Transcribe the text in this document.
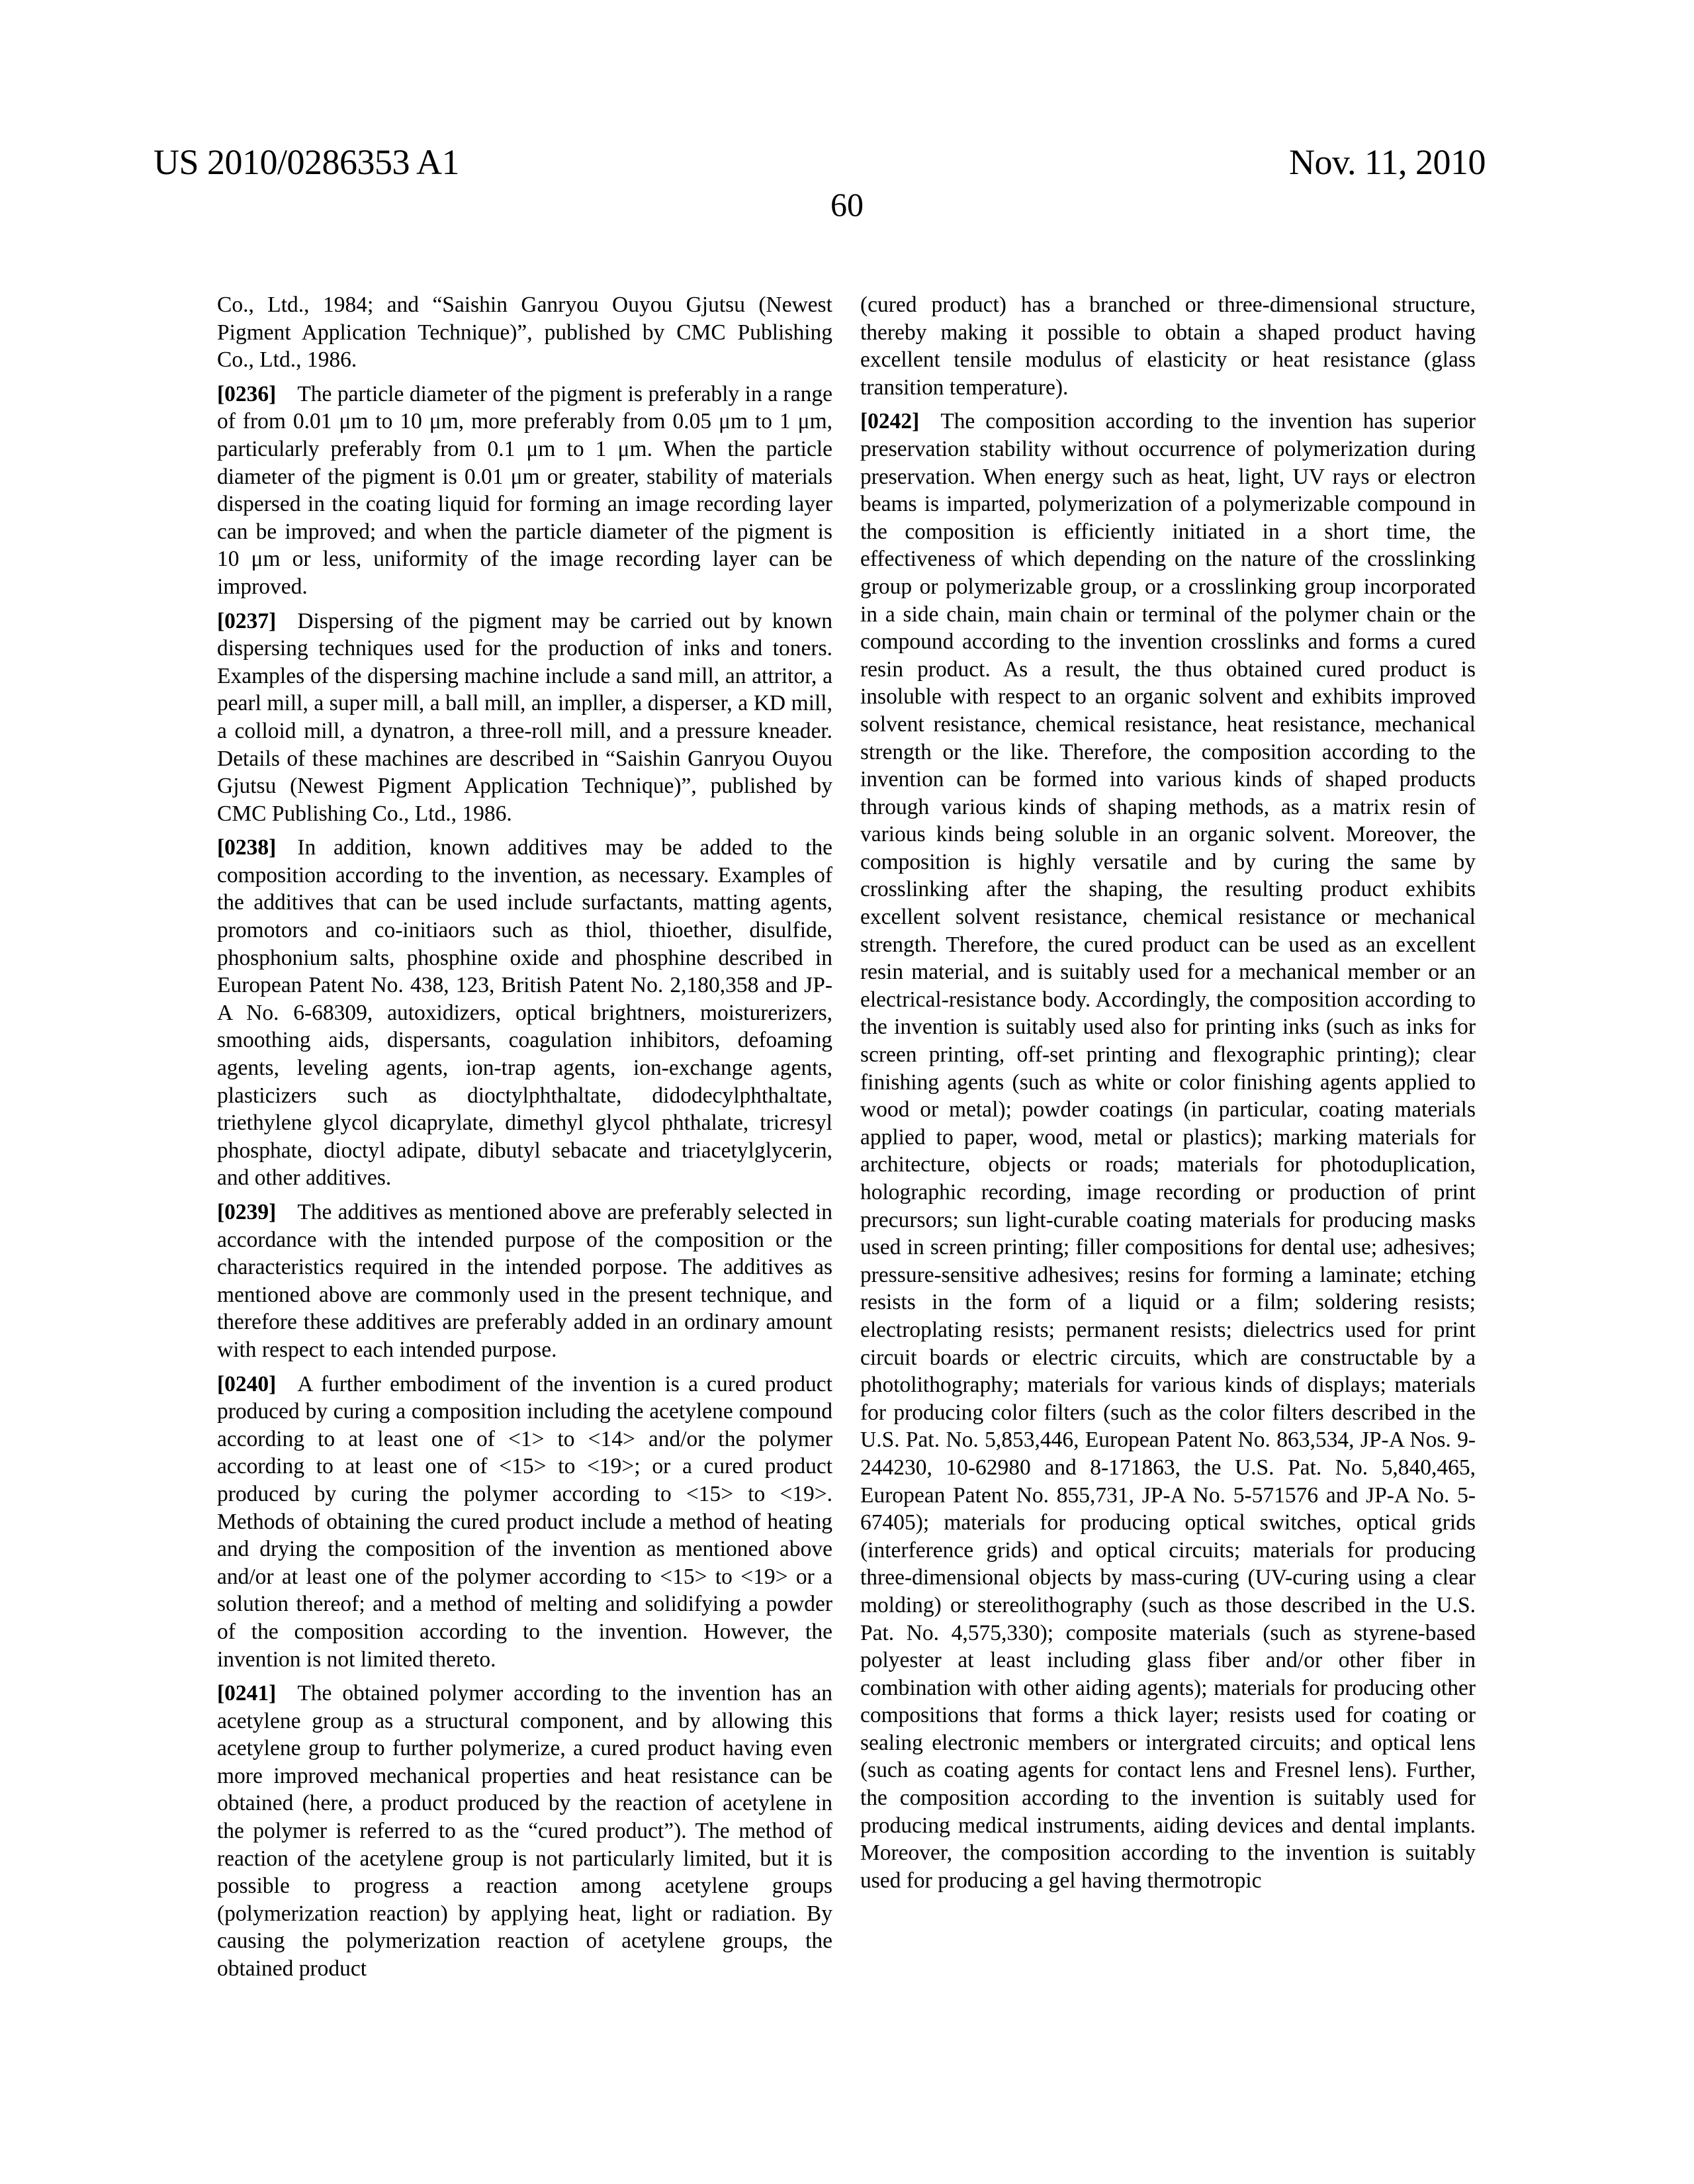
US 2010/0286353 A1	Nov. 11, 2010
60

Co., Ltd., 1984; and “Saishin Ganryou Ouyou Gjutsu (Newest Pigment Application Technique)”, published by CMC Publishing Co., Ltd., 1986.

[0236] The particle diameter of the pigment is preferably in a range of from 0.01 μm to 10 μm, more preferably from 0.05 μm to 1 μm, particularly preferably from 0.1 μm to 1 μm. When the particle diameter of the pigment is 0.01 μm or greater, stability of materials dispersed in the coating liquid for forming an image recording layer can be improved; and when the particle diameter of the pigment is 10 μm or less, uniformity of the image recording layer can be improved.

[0237] Dispersing of the pigment may be carried out by known dispersing techniques used for the production of inks and toners. Examples of the dispersing machine include a sand mill, an attritor, a pearl mill, a super mill, a ball mill, an impller, a disperser, a KD mill, a colloid mill, a dynatron, a three-roll mill, and a pressure kneader. Details of these machines are described in “Saishin Ganryou Ouyou Gjutsu (Newest Pigment Application Technique)”, published by CMC Publishing Co., Ltd., 1986.

[0238] In addition, known additives may be added to the composition according to the invention, as necessary. Examples of the additives that can be used include surfactants, matting agents, promotors and co-initiaors such as thiol, thioether, disulfide, phosphonium salts, phosphine oxide and phosphine described in European Patent No. 438, 123, British Patent No. 2,180,358 and JP-A No. 6-68309, autoxidizers, optical brightners, moisturerizers, smoothing aids, dispersants, coagulation inhibitors, defoaming agents, leveling agents, ion-trap agents, ion-exchange agents, plasticizers such as dioctylphthaltate, didodecylphthaltate, triethylene glycol dicaprylate, dimethyl glycol phthalate, tricresyl phosphate, dioctyl adipate, dibutyl sebacate and triacetylglycerin, and other additives.

[0239] The additives as mentioned above are preferably selected in accordance with the intended purpose of the composition or the characteristics required in the intended porpose. The additives as mentioned above are commonly used in the present technique, and therefore these additives are preferably added in an ordinary amount with respect to each intended purpose.

[0240] A further embodiment of the invention is a cured product produced by curing a composition including the acetylene compound according to at least one of <1> to <14> and/or the polymer according to at least one of <15> to <19>; or a cured product produced by curing the polymer according to <15> to <19>. Methods of obtaining the cured product include a method of heating and drying the composition of the invention as mentioned above and/or at least one of the polymer according to <15> to <19> or a solution thereof; and a method of melting and solidifying a powder of the composition according to the invention. However, the invention is not limited thereto.

[0241] The obtained polymer according to the invention has an acetylene group as a structural component, and by allowing this acetylene group to further polymerize, a cured product having even more improved mechanical properties and heat resistance can be obtained (here, a product produced by the reaction of acetylene in the polymer is referred to as the “cured product”). The method of reaction of the acetylene group is not particularly limited, but it is possible to progress a reaction among acetylene groups (polymerization reaction) by applying heat, light or radiation. By causing the polymerization reaction of acetylene groups, the obtained product

(cured product) has a branched or three-dimensional structure, thereby making it possible to obtain a shaped product having excellent tensile modulus of elasticity or heat resistance (glass transition temperature).

[0242] The composition according to the invention has superior preservation stability without occurrence of polymerization during preservation. When energy such as heat, light, UV rays or electron beams is imparted, polymerization of a polymerizable compound in the composition is efficiently initiated in a short time, the effectiveness of which depending on the nature of the crosslinking group or polymerizable group, or a crosslinking group incorporated in a side chain, main chain or terminal of the polymer chain or the compound according to the invention crosslinks and forms a cured resin product. As a result, the thus obtained cured product is insoluble with respect to an organic solvent and exhibits improved solvent resistance, chemical resistance, heat resistance, mechanical strength or the like. Therefore, the composition according to the invention can be formed into various kinds of shaped products through various kinds of shaping methods, as a matrix resin of various kinds being soluble in an organic solvent. Moreover, the composition is highly versatile and by curing the same by crosslinking after the shaping, the resulting product exhibits excellent solvent resistance, chemical resistance or mechanical strength. Therefore, the cured product can be used as an excellent resin material, and is suitably used for a mechanical member or an electrical-resistance body. Accordingly, the composition according to the invention is suitably used also for printing inks (such as inks for screen printing, off-set printing and flexographic printing); clear finishing agents (such as white or color finishing agents applied to wood or metal); powder coatings (in particular, coating materials applied to paper, wood, metal or plastics); marking materials for architecture, objects or roads; materials for photoduplication, holographic recording, image recording or production of print precursors; sun light-curable coating materials for producing masks used in screen printing; filler compositions for dental use; adhesives; pressure-sensitive adhesives; resins for forming a laminate; etching resists in the form of a liquid or a film; soldering resists; electroplating resists; permanent resists; dielectrics used for print circuit boards or electric circuits, which are constructable by a photolithography; materials for various kinds of displays; materials for producing color filters (such as the color filters described in the U.S. Pat. No. 5,853,446, European Patent No. 863,534, JP-A Nos. 9-244230, 10-62980 and 8-171863, the U.S. Pat. No. 5,840,465, European Patent No. 855,731, JP-A No. 5-571576 and JP-A No. 5-67405); materials for producing optical switches, optical grids (interference grids) and optical circuits; materials for producing three-dimensional objects by mass-curing (UV-curing using a clear molding) or stereolithography (such as those described in the U.S. Pat. No. 4,575,330); composite materials (such as styrene-based polyester at least including glass fiber and/or other fiber in combination with other aiding agents); materials for producing other compositions that forms a thick layer; resists used for coating or sealing electronic members or intergrated circuits; and optical lens (such as coating agents for contact lens and Fresnel lens). Further, the composition according to the invention is suitably used for producing medical instruments, aiding devices and dental implants. Moreover, the composition according to the invention is suitably used for producing a gel having thermotropic
